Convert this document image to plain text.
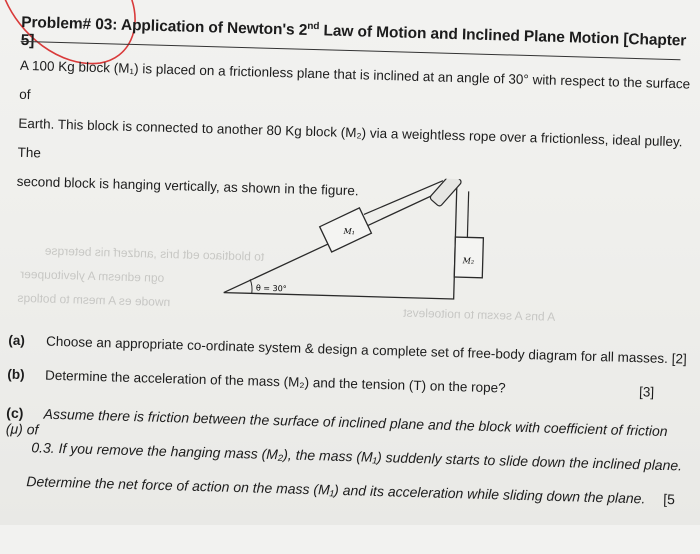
Problem# 03: Application of Newton's 2nd Law of Motion and Inclined Plane Motion [Chapter 5]

A 100 Kg block (M₁) is placed on a frictionless plane that is inclined at an angle of 30° with respect to the surface of

Earth. This block is connected to another 80 Kg block (M₂) via a weightless rope over a frictionless, ideal pulley. The

second block is hanging vertically, as shown in the figure.

to blodtiaco edt bris ,andzerf nis beterqse
ogn ednesm A ylevitoupeer
nwode es A mesm to botloqs
A bns A sexsm to noitoelevst
M₁
M₂
θ = 30°
(a) Choose an appropriate co-ordinate system & design a complete set of free-body diagram for all masses. [2]
(b) Determine the acceleration of the mass (M₂) and the tension (T) on the rope?	[3]
(c) Assume there is friction between the surface of inclined plane and the block with coefficient of friction (μ) of
0.3. If you remove the hanging mass (M₂), the mass (M₁) suddenly starts to slide down the inclined plane.
Determine the net force of action on the mass (M₁) and its acceleration while sliding down the plane. [5
